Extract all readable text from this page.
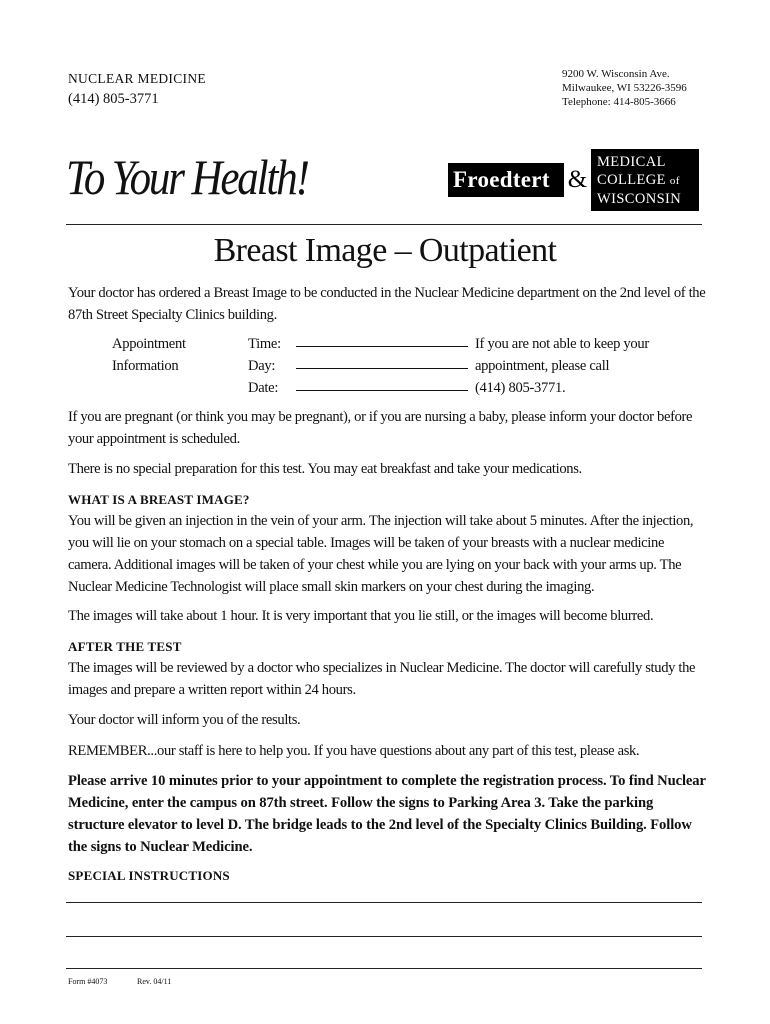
NUCLEAR MEDICINE
(414) 805-3771
9200 W. Wisconsin Ave.
Milwaukee, WI 53226-3596
Telephone: 414-805-3666
To Your Health!	Froedtert &
MEDICAL
COLLEGE of
WISCONSIN
Breast Image – Outpatient
Your doctor has ordered a Breast Image to be conducted in the Nuclear Medicine department on the 2nd level of the 87th Street Specialty Clinics building.
Appointment
Information
Time:
Day:
Date:
If you are not able to keep your
appointment, please call
(414) 805-3771.
If you are pregnant (or think you may be pregnant), or if you are nursing a baby, please inform your doctor before your appointment is scheduled.
There is no special preparation for this test. You may eat breakfast and take your medications.
WHAT IS A BREAST IMAGE?
You will be given an injection in the vein of your arm. The injection will take about 5 minutes. After the injection, you will lie on your stomach on a special table. Images will be taken of your breasts with a nuclear medicine camera. Additional images will be taken of your chest while you are lying on your back with your arms up. The Nuclear Medicine Technologist will place small skin markers on your chest during the imaging.
The images will take about 1 hour. It is very important that you lie still, or the images will become blurred.
AFTER THE TEST
The images will be reviewed by a doctor who specializes in Nuclear Medicine. The doctor will carefully study the images and prepare a written report within 24 hours.
Your doctor will inform you of the results.
REMEMBER...our staff is here to help you. If you have questions about any part of this test, please ask.
Please arrive 10 minutes prior to your appointment to complete the registration process. To find Nuclear Medicine, enter the campus on 87th street. Follow the signs to Parking Area 3. Take the parking structure elevator to level D. The bridge leads to the 2nd level of the Specialty Clinics Building. Follow the signs to Nuclear Medicine.
SPECIAL INSTRUCTIONS
Form #4073	Rev. 04/11
